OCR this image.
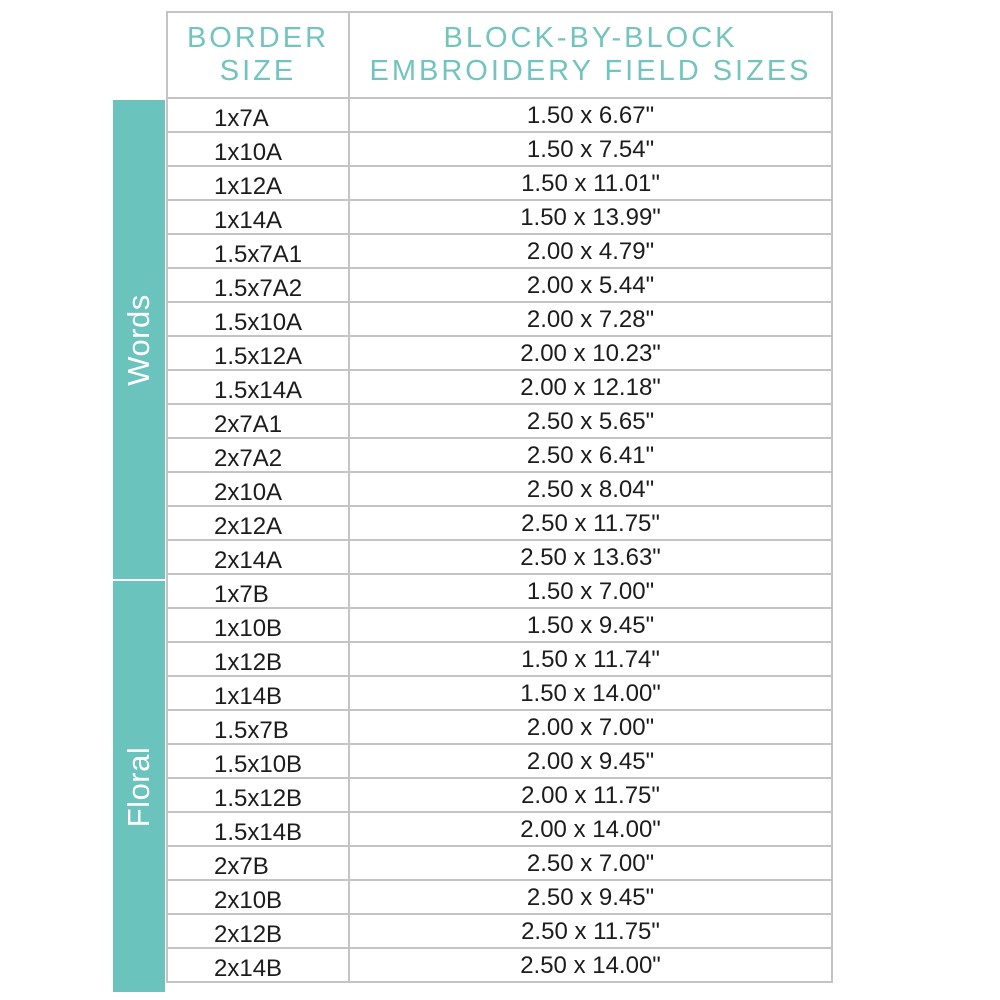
Words
Floral
BORDER
SIZE
BLOCK-BY-BLOCK
EMBROIDERY FIELD SIZES
1x7A	1.50 x 6.67"
1x10A	1.50 x 7.54"
1x12A	1.50 x 11.01"
1x14A	1.50 x 13.99"
1.5x7A1	2.00 x 4.79"
1.5x7A2	2.00 x 5.44"
1.5x10A	2.00 x 7.28"
1.5x12A	2.00 x 10.23"
1.5x14A	2.00 x 12.18"
2x7A1	2.50 x 5.65"
2x7A2	2.50 x 6.41"
2x10A	2.50 x 8.04"
2x12A	2.50 x 11.75"
2x14A	2.50 x 13.63"
1x7B	1.50 x 7.00"
1x10B	1.50 x 9.45"
1x12B	1.50 x 11.74"
1x14B	1.50 x 14.00"
1.5x7B	2.00 x 7.00"
1.5x10B	2.00 x 9.45"
1.5x12B	2.00 x 11.75"
1.5x14B	2.00 x 14.00"
2x7B	2.50 x 7.00"
2x10B	2.50 x 9.45"
2x12B	2.50 x 11.75"
2x14B	2.50 x 14.00"
